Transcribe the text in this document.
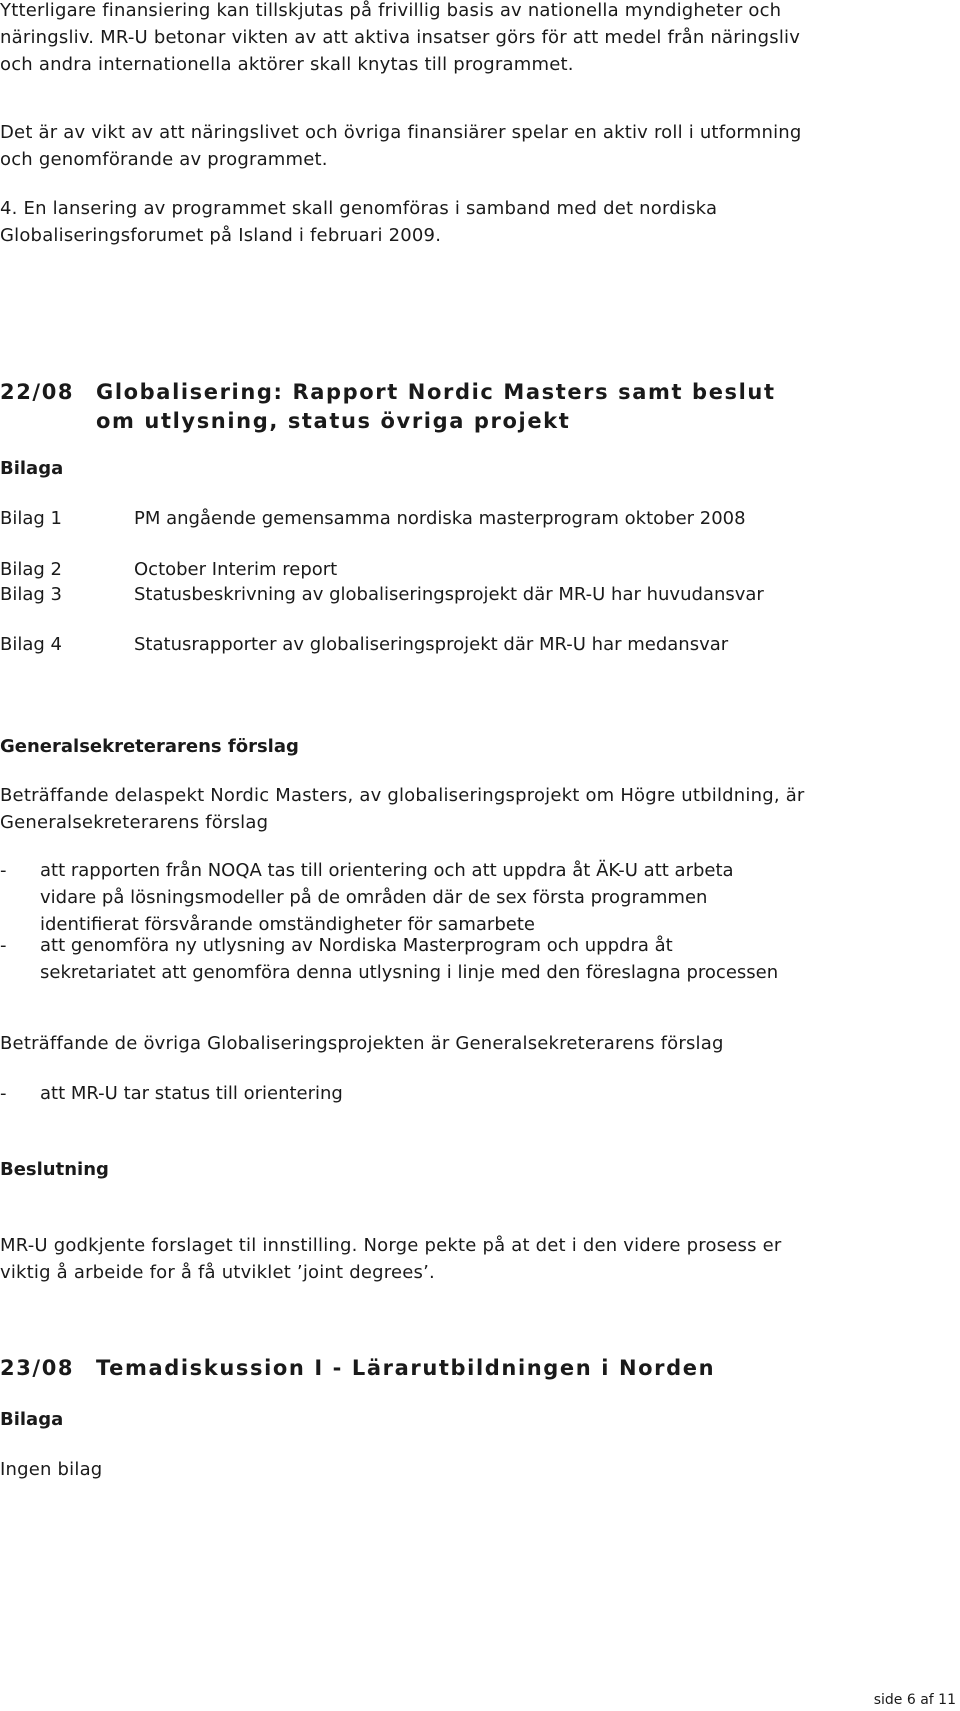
Ytterligare finansiering kan tillskjutas på frivillig basis av nationella myndigheter och näringsliv. MR-U betonar vikten av att aktiva insatser görs för att medel från näringsliv och andra internationella aktörer skall knytas till programmet.

Det är av vikt av att näringslivet och övriga finansiärer spelar en aktiv roll i utformning och genomförande av programmet.

4. En lansering av programmet skall genomföras i samband med det nordiska Globaliseringsforumet på Island i februari 2009.

22/08 Globalisering: Rapport Nordic Masters samt beslut om utlysning, status övriga projekt
Bilaga
Bilag 1	PM angående gemensamma nordiska masterprogram oktober 2008
Bilag 2	October Interim report
Bilag 3	Statusbeskrivning av globaliseringsprojekt där MR-U har huvudansvar
Bilag 4	Statusrapporter av globaliseringsprojekt där MR-U har medansvar
Generalsekreterarens förslag

Beträffande delaspekt Nordic Masters, av globaliseringsprojekt om Högre utbildning, är Generalsekreterarens förslag

- att rapporten från NOQA tas till orientering och att uppdra åt ÄK-U att arbeta vidare på lösningsmodeller på de områden där de sex första programmen identifierat försvårande omständigheter för samarbete
- att genomföra ny utlysning av Nordiska Masterprogram och uppdra åt sekretariatet att genomföra denna utlysning i linje med den föreslagna processen

Beträffande de övriga Globaliseringsprojekten är Generalsekreterarens förslag

- att MR-U tar status till orientering
Beslutning

MR-U godkjente forslaget til innstilling. Norge pekte på at det i den videre prosess er viktig å arbeide for å få utviklet ’joint degrees’.

23/08 Temadiskussion I - Lärarutbildningen i Norden
Bilaga

Ingen bilag

side 6 af 11
